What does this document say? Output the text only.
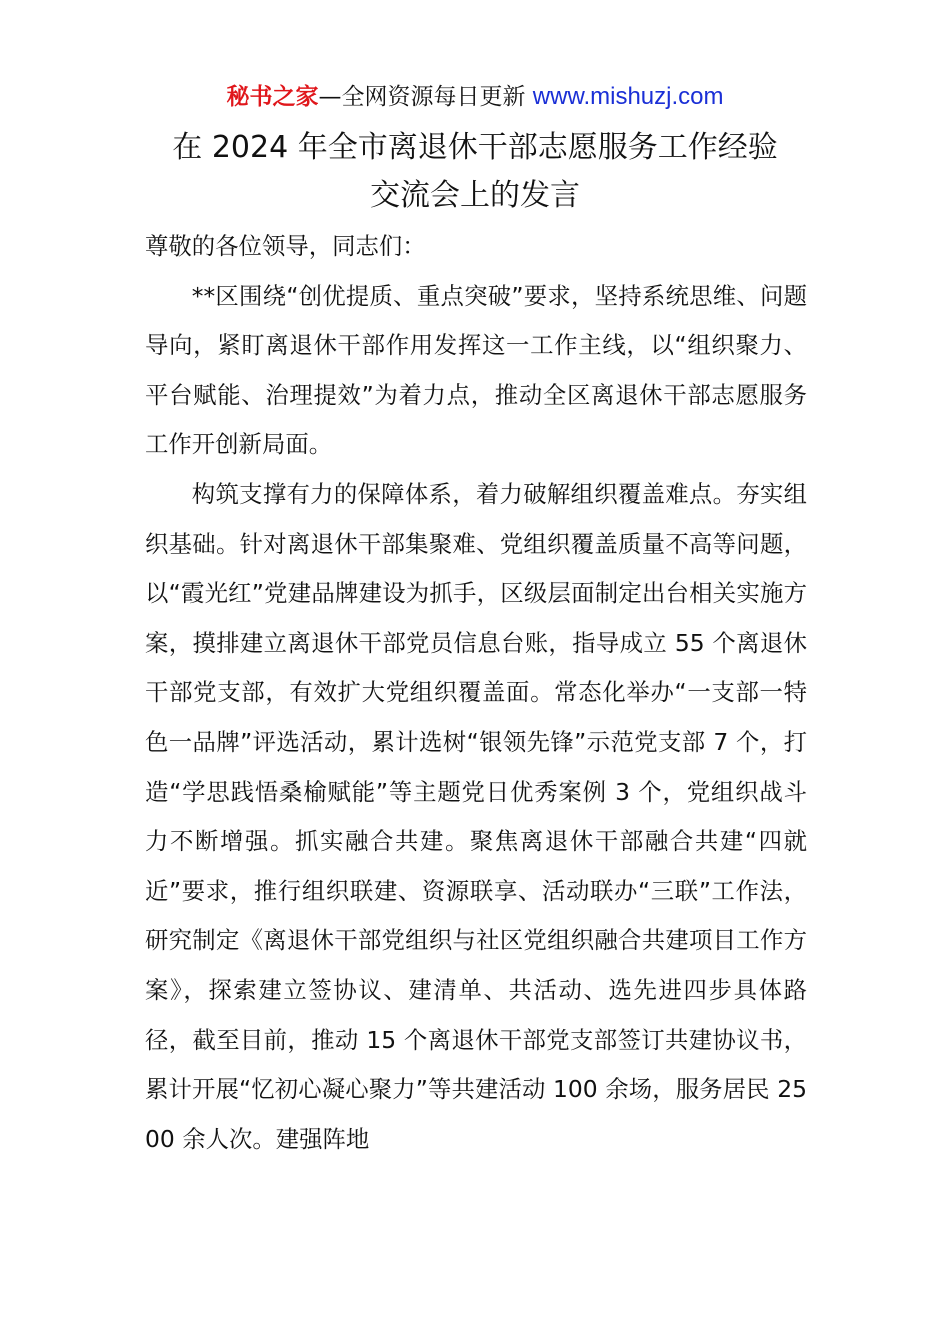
秘书之家—全网资源每日更新 www.mishuzj.com
在 2024 年全市离退休干部志愿服务工作经验
交流会上的发言

尊敬的各位领导，同志们：

**区围绕“创优提质、重点突破”要求，坚持系统思维、问题导向，紧盯离退休干部作用发挥这一工作主线，以“组织聚力、平台赋能、治理提效”为着力点，推动全区离退休干部志愿服务工作开创新局面。

构筑支撑有力的保障体系，着力破解组织覆盖难点。夯实组织基础。针对离退休干部集聚难、党组织覆盖质量不高等问题，以“霞光红”党建品牌建设为抓手，区级层面制定出台相关实施方案，摸排建立离退休干部党员信息台账，指导成立 55 个离退休干部党支部，有效扩大党组织覆盖面。常态化举办“一支部一特色一品牌”评选活动，累计选树“银领先锋”示范党支部 7 个，打造“学思践悟桑榆赋能”等主题党日优秀案例 3 个，党组织战斗力不断增强。抓实融合共建。聚焦离退休干部融合共建“四就近”要求，推行组织联建、资源联享、活动联办“三联”工作法，研究制定《离退休干部党组织与社区党组织融合共建项目工作方案》，探索建立签协议、建清单、共活动、选先进四步具体路径，截至目前，推动 15 个离退休干部党支部签订共建协议书，累计开展“忆初心凝心聚力”等共建活动 100 余场，服务居民 2500 余人次。建强阵地
